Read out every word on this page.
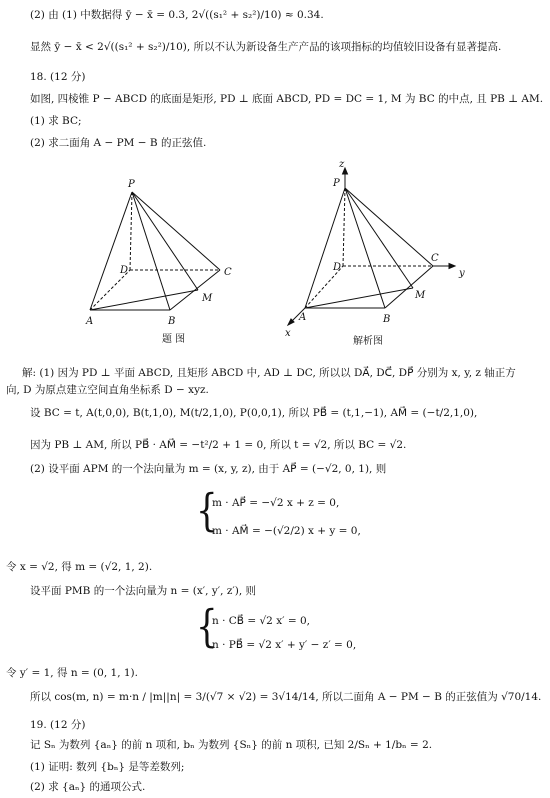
(2) 由 (1) 中数据得 ȳ − x̄ = 0.3, 2√((s₁² + s₂²)/10) ≈ 0.34.
显然 ȳ − x̄ < 2√((s₁² + s₂²)/10), 所以不认为新设备生产产品的该项指标的均值较旧设备有显著提高.
18. (12 分)
如图, 四棱锥 P − ABCD 的底面是矩形, PD ⊥ 底面 ABCD, PD = DC = 1, M 为 BC 的中点, 且 PB ⊥ AM.
(1) 求 BC;
(2) 求二面角 A − PM − B 的正弦值.
P
D	C
M
A	B
题 图
z
P
D
C
y
M
A	B
x
解析图
解: (1) 因为 PD ⊥ 平面 ABCD, 且矩形 ABCD 中, AD ⊥ DC, 所以以 DA⃗, DC⃗, DP⃗ 分别为 x, y, z 轴正方
向, D 为原点建立空间直角坐标系 D − xyz.
设 BC = t, A(t,0,0), B(t,1,0), M(t/2,1,0), P(0,0,1), 所以 PB⃗ = (t,1,−1), AM⃗ = (−t/2,1,0),
因为 PB ⊥ AM, 所以 PB⃗ · AM⃗ = −t²/2 + 1 = 0, 所以 t = √2, 所以 BC = √2.
(2) 设平面 APM 的一个法向量为 m = (x, y, z), 由于 AP⃗ = (−√2, 0, 1), 则
{
m · AP⃗ = −√2 x + z = 0,
m · AM⃗ = −(√2/2) x + y = 0,
令 x = √2, 得 m = (√2, 1, 2).
设平面 PMB 的一个法向量为 n = (x′, y′, z′), 则
{
n · CB⃗ = √2 x′ = 0,
n · PB⃗ = √2 x′ + y′ − z′ = 0,
令 y′ = 1, 得 n = (0, 1, 1).
所以 cos(m, n) = m·n / |m||n| = 3/(√7 × √2) = 3√14/14, 所以二面角 A − PM − B 的正弦值为 √70/14.
19. (12 分)
记 Sₙ 为数列 {aₙ} 的前 n 项和, bₙ 为数列 {Sₙ} 的前 n 项积, 已知 2/Sₙ + 1/bₙ = 2.
(1) 证明: 数列 {bₙ} 是等差数列;
(2) 求 {aₙ} 的通项公式.
